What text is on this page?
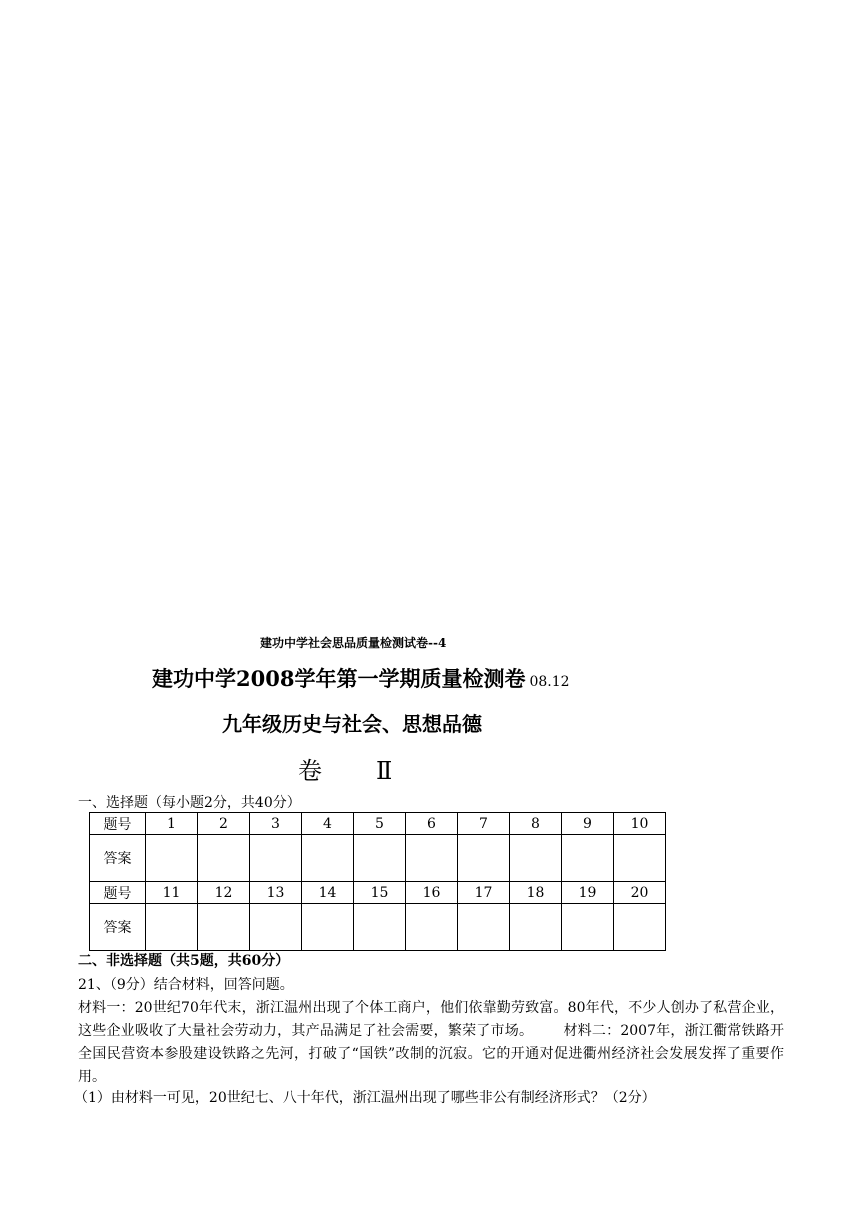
建功中学社会思品质量检测试卷--4
建功中学2008学年第一学期质量检测卷 08.12
九年级历史与社会、思想品德
卷 Ⅱ
一、选择题（每小题2分，共40分）
题号	1	2	3	4	5	6	7	8	9	10
答案										
题号	11	12	13	14	15	16	17	18	19	20
答案										
二、非选择题（共5题，共60分）
21、（9分）结合材料，回答问题。
材料一：20世纪70年代末，浙江温州出现了个体工商户，他们依靠勤劳致富。80年代，不少人创办了私营企业，这些企业吸收了大量社会劳动力，其产品满足了社会需要，繁荣了市场。 材料二：2007年，浙江衢常铁路开全国民营资本参股建设铁路之先河，打破了“国铁”改制的沉寂。它的开通对促进衢州经济社会发展发挥了重要作用。
（1）由材料一可见，20世纪七、八十年代，浙江温州出现了哪些非公有制经济形式？（2分）
